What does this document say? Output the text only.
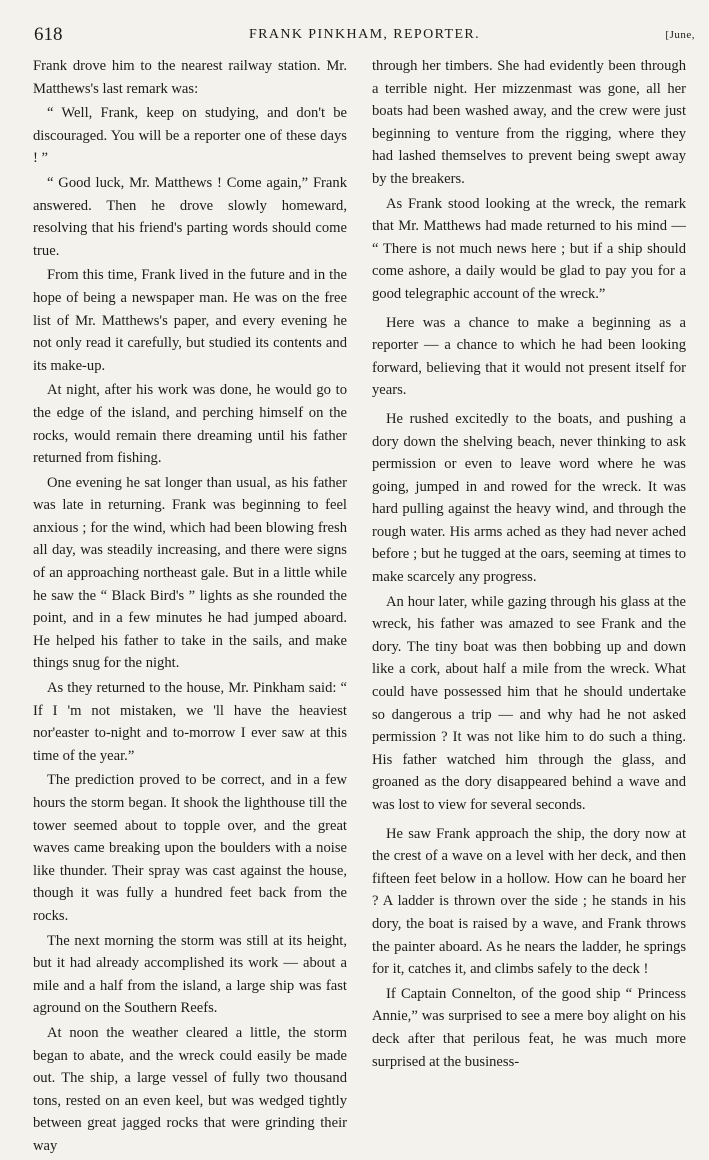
618	FRANK PINKHAM, REPORTER.	[June,

Frank drove him to the nearest railway station. Mr. Matthews's last remark was:

“ Well, Frank, keep on studying, and don't be discouraged. You will be a reporter one of these days ! ”

“ Good luck, Mr. Matthews ! Come again,” Frank answered. Then he drove slowly homeward, resolving that his friend's parting words should come true.

From this time, Frank lived in the future and in the hope of being a newspaper man. He was on the free list of Mr. Matthews's paper, and every evening he not only read it carefully, but studied its contents and its make-up.

At night, after his work was done, he would go to the edge of the island, and perching himself on the rocks, would remain there dreaming until his father returned from fishing.

One evening he sat longer than usual, as his father was late in returning. Frank was beginning to feel anxious ; for the wind, which had been blowing fresh all day, was steadily increasing, and there were signs of an approaching northeast gale. But in a little while he saw the “ Black Bird's ” lights as she rounded the point, and in a few minutes he had jumped aboard. He helped his father to take in the sails, and make things snug for the night.

As they returned to the house, Mr. Pinkham said: “ If I 'm not mistaken, we 'll have the heaviest nor'easter to-night and to-morrow I ever saw at this time of the year.”

The prediction proved to be correct, and in a few hours the storm began. It shook the lighthouse till the tower seemed about to topple over, and the great waves came breaking upon the boulders with a noise like thunder. Their spray was cast against the house, though it was fully a hundred feet back from the rocks.

The next morning the storm was still at its height, but it had already accomplished its work — about a mile and a half from the island, a large ship was fast aground on the Southern Reefs.

At noon the weather cleared a little, the storm began to abate, and the wreck could easily be made out. The ship, a large vessel of fully two thousand tons, rested on an even keel, but was wedged tightly between great jagged rocks that were grinding their way

through her timbers. She had evidently been through a terrible night. Her mizzenmast was gone, all her boats had been washed away, and the crew were just beginning to venture from the rigging, where they had lashed themselves to prevent being swept away by the breakers.

As Frank stood looking at the wreck, the remark that Mr. Matthews had made returned to his mind — “ There is not much news here ; but if a ship should come ashore, a daily would be glad to pay you for a good telegraphic account of the wreck.”

Here was a chance to make a beginning as a reporter — a chance to which he had been looking forward, believing that it would not present itself for years.

He rushed excitedly to the boats, and pushing a dory down the shelving beach, never thinking to ask permission or even to leave word where he was going, jumped in and rowed for the wreck. It was hard pulling against the heavy wind, and through the rough water. His arms ached as they had never ached before ; but he tugged at the oars, seeming at times to make scarcely any progress.

An hour later, while gazing through his glass at the wreck, his father was amazed to see Frank and the dory. The tiny boat was then bobbing up and down like a cork, about half a mile from the wreck. What could have possessed him that he should undertake so dangerous a trip — and why had he not asked permission ? It was not like him to do such a thing. His father watched him through the glass, and groaned as the dory disappeared behind a wave and was lost to view for several seconds.

He saw Frank approach the ship, the dory now at the crest of a wave on a level with her deck, and then fifteen feet below in a hollow. How can he board her ? A ladder is thrown over the side ; he stands in his dory, the boat is raised by a wave, and Frank throws the painter aboard. As he nears the ladder, he springs for it, catches it, and climbs safely to the deck !

If Captain Connelton, of the good ship “ Princess Annie,” was surprised to see a mere boy alight on his deck after that perilous feat, he was much more surprised at the business-
